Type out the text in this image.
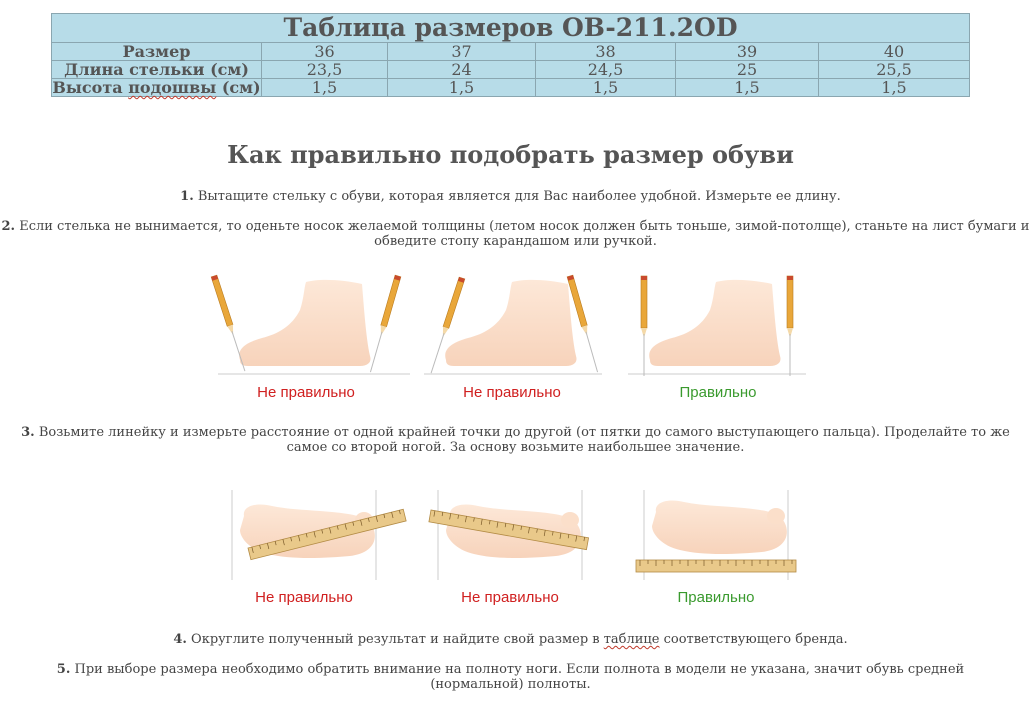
Таблица размеров OB-211.2OD					
Размер	36	37	38	39	40
Длина стельки (см)	23,5	24	24,5	25	25,5
Высота подошвы (см)	1,5	1,5	1,5	1,5	1,5
Как правильно подобрать размер обуви

1. Вытащите стельку с обуви, которая является для Вас наиболее удобной. Измерьте ее длину.

2. Если стелька не вынимается, то оденьте носок желаемой толщины (летом носок должен быть тоньше, зимой-потолще), станьте на лист бумаги и обведите стопу карандашом или ручкой.

Не правильно	Не правильно	Правильно

3. Возьмите линейку и измерьте расстояние от одной крайней точки до другой (от пятки до самого выступающего пальца). Проделайте то же самое со второй ногой. За основу возьмите наибольшее значение.

Не правильно	Не правильно	Правильно

4. Округлите полученный результат и найдите свой размер в таблице соответствующего бренда.

5. При выборе размера необходимо обратить внимание на полноту ноги. Если полнота в модели не указана, значит обувь средней (нормальной) полноты.
